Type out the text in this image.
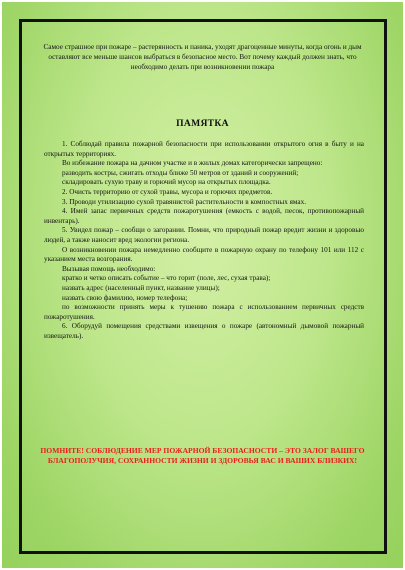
Самое страшное при пожаре – растерянность и паника, уходят драгоценные минуты, когда огонь и дым оставляют все меньше шансов выбраться в безопасное место. Вот почему каждый должен знать, что необходимо делать при возникновении пожара
ПАМЯТКА

1. Соблюдай правила пожарной безопасности при использовании открытого огня в быту и на открытых территориях.

Во избежание пожара на дачном участке и в жилых домах категорически запрещено:

разводить костры, сжигать отходы ближе 50 метров от зданий и сооружений;

складировать сухую траву и горючий мусор на открытых площадка.

2. Очисть территорию от сухой травы, мусора и горючих предметов.

3. Проводи утилизацию сухой травянистой растительности в компостных ямах.

4. Имей запас первичных средств пожаротушения (емкость с водой, песок, противопожарный инвентарь).

5. Увидел пожар – сообщи о загорании. Помни, что природный пожар вредит жизни и здоровью людей, а также наносит вред экологии региона.

О возникновении пожара немедленно сообщите в пожарную охрану по телефону 101 или 112 с указанием места возгорания.

Вызывая помощь необходимо:

кратко и четко описать событие – что горит (поле, лес, сухая трава);

назвать адрес (населенный пункт, название улицы);

назвать свою фамилию, номер телефона;

по возможности принять меры к тушению пожара с использованием первичных средств пожаротушения.

6. Оборудуй помещения средствами извещения о пожаре (автономный дымовой пожарный извещатель).

ПОМНИТЕ! СОБЛЮДЕНИЕ МЕР ПОЖАРНОЙ БЕЗОПАСНОСТИ – ЭТО ЗАЛОГ ВАШЕГО БЛАГОПОЛУЧИЯ, СОХРАННОСТИ ЖИЗНИ И ЗДОРОВЬЯ ВАС И ВАШИХ БЛИЗКИХ!
